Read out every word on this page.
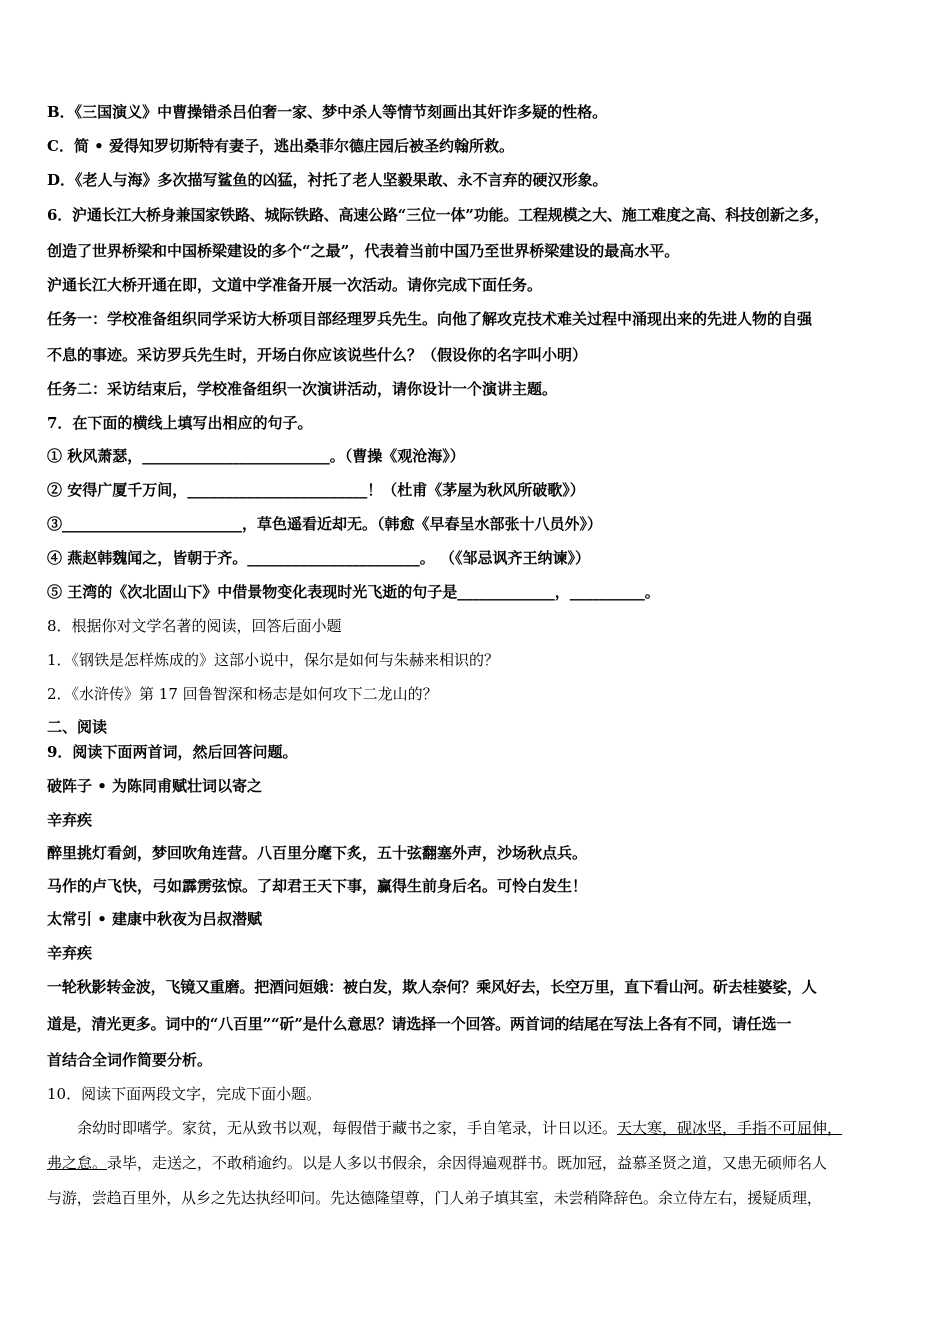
B．《三国演义》中曹操错杀吕伯奢一家、梦中杀人等情节刻画出其奸诈多疑的性格。
C．简 • 爱得知罗切斯特有妻子，逃出桑菲尔德庄园后被圣约翰所救。
D．《老人与海》多次描写鲨鱼的凶猛，衬托了老人坚毅果敢、永不言弃的硬汉形象。
6．沪通长江大桥身兼国家铁路、城际铁路、高速公路“三位一体”功能。工程规模之大、施工难度之高、科技创新之多，
创造了世界桥梁和中国桥梁建设的多个“之最”，代表着当前中国乃至世界桥梁建设的最高水平。
沪通长江大桥开通在即，文道中学准备开展一次活动。请你完成下面任务。
任务一：学校准备组织同学采访大桥项目部经理罗兵先生。向他了解攻克技术难关过程中涌现出来的先进人物的自强
不息的事迹。采访罗兵先生时，开场白你应该说些什么？（假设你的名字叫小明）
任务二：采访结束后，学校准备组织一次演讲活动，请你设计一个演讲主题。
7．在下面的横线上填写出相应的句子。
① 秋风萧瑟，_________________________。（曹操《观沧海》）
② 安得广厦千万间，________________________！（杜甫《茅屋为秋风所破歌》）
③________________________，草色遥看近却无。（韩愈《早春呈水部张十八员外》）
④ 燕赵韩魏闻之，皆朝于齐。_______________________。 （《邹忌讽齐王纳谏》）
⑤ 王湾的《次北固山下》中借景物变化表现时光飞逝的句子是_____________，__________。
8．根据你对文学名著的阅读，回答后面小题
1．《钢铁是怎样炼成的》这部小说中，保尔是如何与朱赫来相识的？
2．《水浒传》第 17 回鲁智深和杨志是如何攻下二龙山的？
二、阅读
9．阅读下面两首词，然后回答问题。
破阵子 • 为陈同甫赋壮词以寄之
辛弃疾
醉里挑灯看剑，梦回吹角连营。八百里分麾下炙，五十弦翻塞外声，沙场秋点兵。
马作的卢飞快，弓如霹雳弦惊。了却君王天下事，赢得生前身后名。可怜白发生！
太常引 • 建康中秋夜为吕叔潜赋
辛弃疾
一轮秋影转金波，飞镜又重磨。把酒问姮娥：被白发，欺人奈何？乘风好去，长空万里，直下看山河。斫去桂婆娑，人
道是，清光更多。词中的“八百里”“斫”是什么意思？请选择一个回答。两首词的结尾在写法上各有不同，请任选一
首结合全词作简要分析。
10．阅读下面两段文字，完成下面小题。
余幼时即嗜学。家贫，无从致书以观，每假借于藏书之家，手自笔录，计日以还。天大寒，砚冰坚，手指不可屈伸，
弗之怠。录毕，走送之，不敢稍逾约。以是人多以书假余，余因得遍观群书。既加冠，益慕圣贤之道，又患无硕师名人
与游，尝趋百里外，从乡之先达执经叩问。先达德隆望尊，门人弟子填其室，未尝稍降辞色。余立侍左右，援疑质理，
